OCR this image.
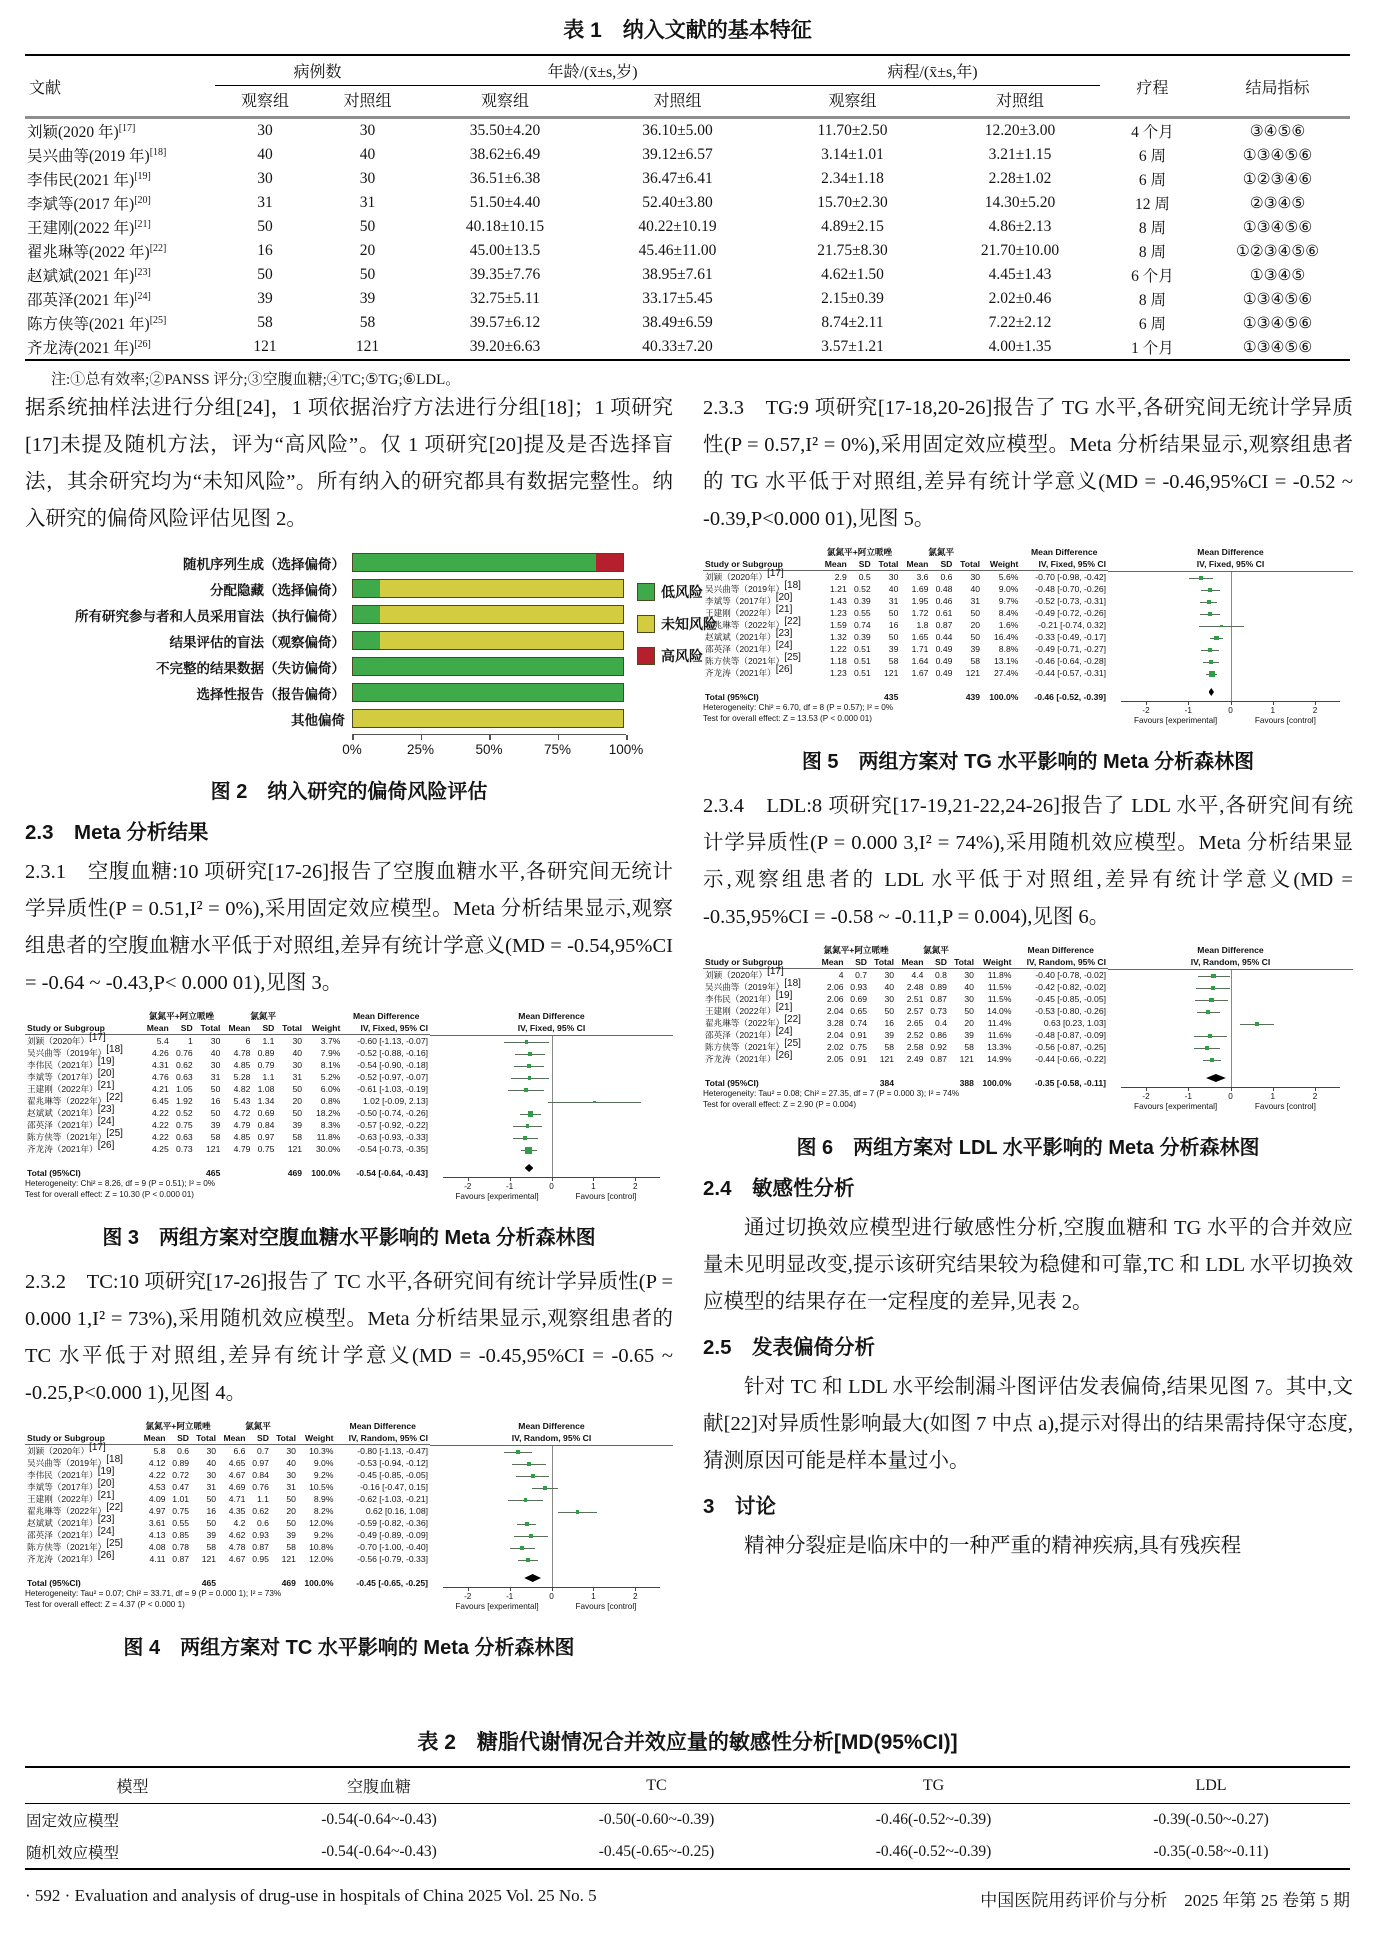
表 1　纳入文献的基本特征
文献	病例数		年龄/(x̄±s,岁)		病程/(x̄±s,年)		疗程	结局指标
	观察组	对照组	观察组	对照组	观察组	对照组		
刘颖(2020 年)[17]	30	30	35.50±4.20	36.10±5.00	11.70±2.50	12.20±3.00	4 个月	③④⑤⑥
吴兴曲等(2019 年)[18]	40	40	38.62±6.49	39.12±6.57	3.14±1.01	3.21±1.15	6 周	①③④⑤⑥
李伟民(2021 年)[19]	30	30	36.51±6.38	36.47±6.41	2.34±1.18	2.28±1.02	6 周	①②③④⑥
李斌等(2017 年)[20]	31	31	51.50±4.40	52.40±3.80	15.70±2.30	14.30±5.20	12 周	②③④⑤
王建刚(2022 年)[21]	50	50	40.18±10.15	40.22±10.19	4.89±2.15	4.86±2.13	8 周	①③④⑤⑥
翟兆琳等(2022 年)[22]	16	20	45.00±13.5	45.46±11.00	21.75±8.30	21.70±10.00	8 周	①②③④⑤⑥
赵斌斌(2021 年)[23]	50	50	39.35±7.76	38.95±7.61	4.62±1.50	4.45±1.43	6 个月	①③④⑤
邵英泽(2021 年)[24]	39	39	32.75±5.11	33.17±5.45	2.15±0.39	2.02±0.46	8 周	①③④⑤⑥
陈方侠等(2021 年)[25]	58	58	39.57±6.12	38.49±6.59	8.74±2.11	7.22±2.12	6 周	①③④⑤⑥
齐龙涛(2021 年)[26]	121	121	39.20±6.63	40.33±7.20	3.57±1.21	4.00±1.35	1 个月	①③④⑤⑥
注:①总有效率;②PANSS 评分;③空腹血糖;④TC;⑤TG;⑥LDL。

据系统抽样法进行分组[24]，1 项依据治疗方法进行分组[18]；1 项研究[17]未提及随机方法，评为“高风险”。仅 1 项研究[20]提及是否选择盲法，其余研究均为“未知风险”。所有纳入的研究都具有数据完整性。纳入研究的偏倚风险评估见图 2。

随机序列生成（选择偏倚）
分配隐藏（选择偏倚）
所有研究参与者和人员采用盲法（执行偏倚）
结果评估的盲法（观察偏倚）
不完整的结果数据（失访偏倚）
选择性报告（报告偏倚）
其他偏倚
0%	25%	50%	75%	100%
低风险
未知风险
高风险
图 2　纳入研究的偏倚风险评估
2.3　Meta 分析结果

2.3.1　空腹血糖:10 项研究[17-26]报告了空腹血糖水平,各研究间无统计学异质性(P = 0.51,I² = 0%),采用固定效应模型。Meta 分析结果显示,观察组患者的空腹血糖水平低于对照组,差异有统计学意义(MD = -0.54,95%CI = -0.64 ~ -0.43,P< 0.000 01),见图 3。

	氯氮平+阿立哌唑			氯氮平				Mean Difference
Study or Subgroup	Mean	SD	Total	Mean	SD	Total	Weight	IV, Fixed, 95% CI
刘颖（2020年）[17]	5.4	1	30	6	1.1	30	3.7%	-0.60 [-1.13, -0.07]
吴兴曲等（2019年）[18]	4.26	0.76	40	4.78	0.89	40	7.9%	-0.52 [-0.88, -0.16]
李伟民（2021年）[19]	4.31	0.62	30	4.85	0.79	30	8.1%	-0.54 [-0.90, -0.18]
李斌等（2017年）[20]	4.76	0.63	31	5.28	1.1	31	5.2%	-0.52 [-0.97, -0.07]
王建刚（2022年）[21]	4.21	1.05	50	4.82	1.08	50	6.0%	-0.61 [-1.03, -0.19]
翟兆琳等（2022年）[22]	6.45	1.92	16	5.43	1.34	20	0.8%	1.02 [-0.09, 2.13]
赵斌斌（2021年）[23]	4.22	0.52	50	4.72	0.69	50	18.2%	-0.50 [-0.74, -0.26]
邵英泽（2021年）[24]	4.22	0.75	39	4.79	0.84	39	8.3%	-0.57 [-0.92, -0.22]
陈方侠等（2021年）[25]	4.22	0.63	58	4.85	0.97	58	11.8%	-0.63 [-0.93, -0.33]
齐龙涛（2021年）[26]	4.25	0.73	121	4.79	0.75	121	30.0%	-0.54 [-0.73, -0.35]

Total (95%CI)			465			469	100.0%	-0.54 [-0.64, -0.43]
Heterogeneity: Chi² = 8.26, df = 9 (P = 0.51); I² = 0%
Test for overall effect: Z = 10.30 (P < 0.000 01)
Mean Difference
IV, Fixed, 95% CI
-2	-1	0	1	2
Favours [experimental]	Favours [control]
图 3　两组方案对空腹血糖水平影响的 Meta 分析森林图

2.3.2　TC:10 项研究[17-26]报告了 TC 水平,各研究间有统计学异质性(P = 0.000 1,I² = 73%),采用随机效应模型。Meta 分析结果显示,观察组患者的 TC 水平低于对照组,差异有统计学意义(MD = -0.45,95%CI = -0.65 ~ -0.25,P<0.000 1),见图 4。

	氯氮平+阿立哌唑			氯氮平				Mean Difference
Study or Subgroup	Mean	SD	Total	Mean	SD	Total	Weight	IV, Random, 95% CI
刘颖（2020年）[17]	5.8	0.6	30	6.6	0.7	30	10.3%	-0.80 [-1.13, -0.47]
吴兴曲等（2019年）[18]	4.12	0.89	40	4.65	0.97	40	9.0%	-0.53 [-0.94, -0.12]
李伟民（2021年）[19]	4.22	0.72	30	4.67	0.84	30	9.2%	-0.45 [-0.85, -0.05]
李斌等（2017年）[20]	4.53	0.47	31	4.69	0.76	31	10.5%	-0.16 [-0.47, 0.15]
王建刚（2022年）[21]	4.09	1.01	50	4.71	1.1	50	8.9%	-0.62 [-1.03, -0.21]
翟兆琳等（2022年）[22]	4.97	0.75	16	4.35	0.62	20	8.2%	0.62 [0.16, 1.08]
赵斌斌（2021年）[23]	3.61	0.55	50	4.2	0.6	50	12.0%	-0.59 [-0.82, -0.36]
邵英泽（2021年）[24]	4.13	0.85	39	4.62	0.93	39	9.2%	-0.49 [-0.89, -0.09]
陈方侠等（2021年）[25]	4.08	0.78	58	4.78	0.87	58	10.8%	-0.70 [-1.00, -0.40]
齐龙涛（2021年）[26]	4.11	0.87	121	4.67	0.95	121	12.0%	-0.56 [-0.79, -0.33]

Total (95%CI)			465			469	100.0%	-0.45 [-0.65, -0.25]
Heterogeneity: Tau² = 0.07; Chi² = 33.71, df = 9 (P = 0.000 1); I² = 73%
Test for overall effect: Z = 4.37 (P < 0.000 1)
Mean Difference
IV, Random, 95% CI
-2	-1	0	1	2
Favours [experimental]	Favours [control]
图 4　两组方案对 TC 水平影响的 Meta 分析森林图

2.3.3　TG:9 项研究[17-18,20-26]报告了 TG 水平,各研究间无统计学异质性(P = 0.57,I² = 0%),采用固定效应模型。Meta 分析结果显示,观察组患者的 TG 水平低于对照组,差异有统计学意义(MD = -0.46,95%CI = -0.52 ~ -0.39,P<0.000 01),见图 5。

	氯氮平+阿立哌唑			氯氮平				Mean Difference
Study or Subgroup	Mean	SD	Total	Mean	SD	Total	Weight	IV, Fixed, 95% CI
刘颖（2020年）[17]	2.9	0.5	30	3.6	0.6	30	5.6%	-0.70 [-0.98, -0.42]
吴兴曲等（2019年）[18]	1.21	0.52	40	1.69	0.48	40	9.0%	-0.48 [-0.70, -0.26]
李斌等（2017年）[20]	1.43	0.39	31	1.95	0.46	31	9.7%	-0.52 [-0.73, -0.31]
王建刚（2022年）[21]	1.23	0.55	50	1.72	0.61	50	8.4%	-0.49 [-0.72, -0.26]
翟兆琳等（2022年）[22]	1.59	0.74	16	1.8	0.87	20	1.6%	-0.21 [-0.74, 0.32]
赵斌斌（2021年）[23]	1.32	0.39	50	1.65	0.44	50	16.4%	-0.33 [-0.49, -0.17]
邵英泽（2021年）[24]	1.22	0.51	39	1.71	0.49	39	8.8%	-0.49 [-0.71, -0.27]
陈方侠等（2021年）[25]	1.18	0.51	58	1.64	0.49	58	13.1%	-0.46 [-0.64, -0.28]
齐龙涛（2021年）[26]	1.23	0.51	121	1.67	0.49	121	27.4%	-0.44 [-0.57, -0.31]

Total (95%CI)			435			439	100.0%	-0.46 [-0.52, -0.39]
Heterogeneity: Chi² = 6.70, df = 8 (P = 0.57); I² = 0%
Test for overall effect: Z = 13.53 (P < 0.000 01)
Mean Difference
IV, Fixed, 95% CI
-2	-1	0	1	2
Favours [experimental]	Favours [control]
图 5　两组方案对 TG 水平影响的 Meta 分析森林图

2.3.4　LDL:8 项研究[17-19,21-22,24-26]报告了 LDL 水平,各研究间有统计学异质性(P = 0.000 3,I² = 74%),采用随机效应模型。Meta 分析结果显示,观察组患者的 LDL 水平低于对照组,差异有统计学意义(MD = -0.35,95%CI = -0.58 ~ -0.11,P = 0.004),见图 6。

	氯氮平+阿立哌唑			氯氮平				Mean Difference
Study or Subgroup	Mean	SD	Total	Mean	SD	Total	Weight	IV, Random, 95% CI
刘颖（2020年）[17]	4	0.7	30	4.4	0.8	30	11.8%	-0.40 [-0.78, -0.02]
吴兴曲等（2019年）[18]	2.06	0.93	40	2.48	0.89	40	11.5%	-0.42 [-0.82, -0.02]
李伟民（2021年）[19]	2.06	0.69	30	2.51	0.87	30	11.5%	-0.45 [-0.85, -0.05]
王建刚（2022年）[21]	2.04	0.65	50	2.57	0.73	50	14.0%	-0.53 [-0.80, -0.26]
翟兆琳等（2022年）[22]	3.28	0.74	16	2.65	0.4	20	11.4%	0.63 [0.23, 1.03]
邵英泽（2021年）[24]	2.04	0.91	39	2.52	0.86	39	11.6%	-0.48 [-0.87, -0.09]
陈方侠等（2021年）[25]	2.02	0.75	58	2.58	0.92	58	13.3%	-0.56 [-0.87, -0.25]
齐龙涛（2021年）[26]	2.05	0.91	121	2.49	0.87	121	14.9%	-0.44 [-0.66, -0.22]

Total (95%CI)			384			388	100.0%	-0.35 [-0.58, -0.11]
Heterogeneity: Tau² = 0.08; Chi² = 27.35, df = 7 (P = 0.000 3); I² = 74%
Test for overall effect: Z = 2.90 (P = 0.004)
Mean Difference
IV, Random, 95% CI
-2	-1	0	1	2
Favours [experimental]	Favours [control]
图 6　两组方案对 LDL 水平影响的 Meta 分析森林图
2.4　敏感性分析

通过切换效应模型进行敏感性分析,空腹血糖和 TG 水平的合并效应量未见明显改变,提示该研究结果较为稳健和可靠,TC 和 LDL 水平切换效应模型的结果存在一定程度的差异,见表 2。

2.5　发表偏倚分析

针对 TC 和 LDL 水平绘制漏斗图评估发表偏倚,结果见图 7。其中,文献[22]对异质性影响最大(如图 7 中点 a),提示对得出的结果需持保守态度,猜测原因可能是样本量过小。

3　讨论

精神分裂症是临床中的一种严重的精神疾病,具有残疾程

表 2　糖脂代谢情况合并效应量的敏感性分析[MD(95%CI)]
模型	空腹血糖	TC	TG	LDL
固定效应模型	-0.54(-0.64~-0.43)	-0.50(-0.60~-0.39)	-0.46(-0.52~-0.39)	-0.39(-0.50~-0.27)
随机效应模型	-0.54(-0.64~-0.43)	-0.45(-0.65~-0.25)	-0.46(-0.52~-0.39)	-0.35(-0.58~-0.11)
· 592 · Evaluation and analysis of drug-use in hospitals of China 2025 Vol. 25 No. 5	中国医院用药评价与分析　2025 年第 25 卷第 5 期
